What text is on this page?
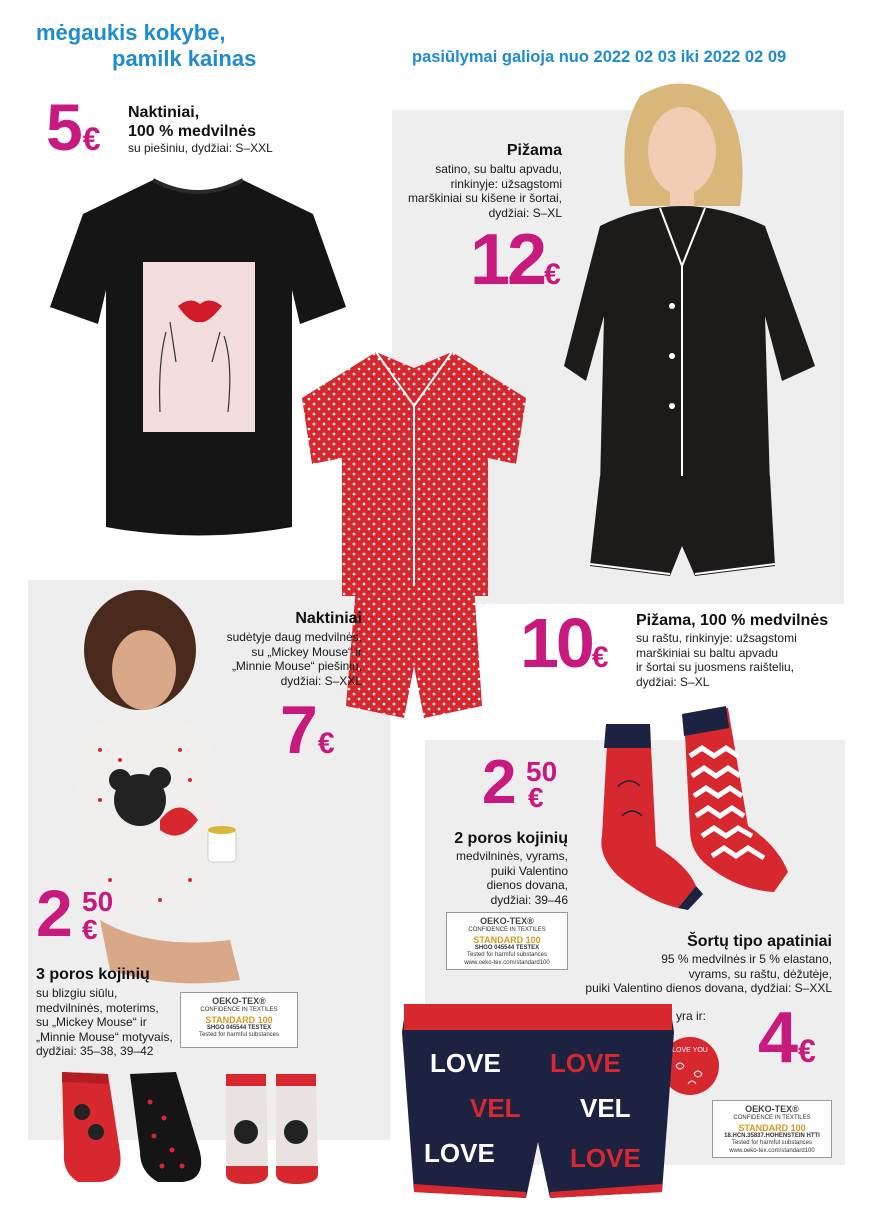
mėgaukis kokybe,
pamilk kainas	pasiūlymai galioja nuo 2022 02 03 iki 2022 02 09
5€
Naktiniai,
100 % medvilnės
su piešiniu, dydžiai: S–XXL	Pižama
satino, su baltu apvadu,
rinkinyje: užsagstomi
marškiniai su kišene ir šortai,
dydžiai: S–XL
12€
10€
Pižama, 100 % medvilnės
su raštu, rinkinyje: užsagstomi
marškiniai su baltu apvadu
ir šortai su juosmens raišteliu,
dydžiai: S–XL
Naktiniai
sudėtyje daug medvilnės,
su „Mickey Mouse“ ir
„Minnie Mouse“ piešiniu,
dydžiai: S–XXL
7€
2 50
€
2 poros kojinių
medvilninės, vyrams,
puiki Valentino
dienos dovana,
dydžiai: 39–46
OEKO-TEX®
CONFIDENCE IN TEXTILES
STANDARD 100
SHGO 045544 TESTEX
Tested for harmful substances
www.oeko-tex.com/standard100
2 50
€
3 poros kojinių
su blizgiu siūlu,
medvilninės, moterims,
su „Mickey Mouse“ ir
„Minnie Mouse“ motyvais,
dydžiai: 35–38, 39–42
OEKO-TEX®
CONFIDENCE IN TEXTILES
STANDARD 100
SHGO 045544 TESTEX
Tested for harmful substances
Šortų tipo apatiniai
95 % medvilnės ir 5 % elastano,
vyrams, su raštu, dėžutėje,
puiki Valentino dienos dovana, dydžiai: S–XXL
yra ir:
LOVE YOU 4€
OEKO-TEX®
CONFIDENCE IN TEXTILES
STANDARD 100
18.HCN.35837.HOHENSTEIN HTTI
Tested for harmful substances
www.oeko-tex.com/standard100
LOVE LOVE
VEL VEL
LOVE	LOVE
